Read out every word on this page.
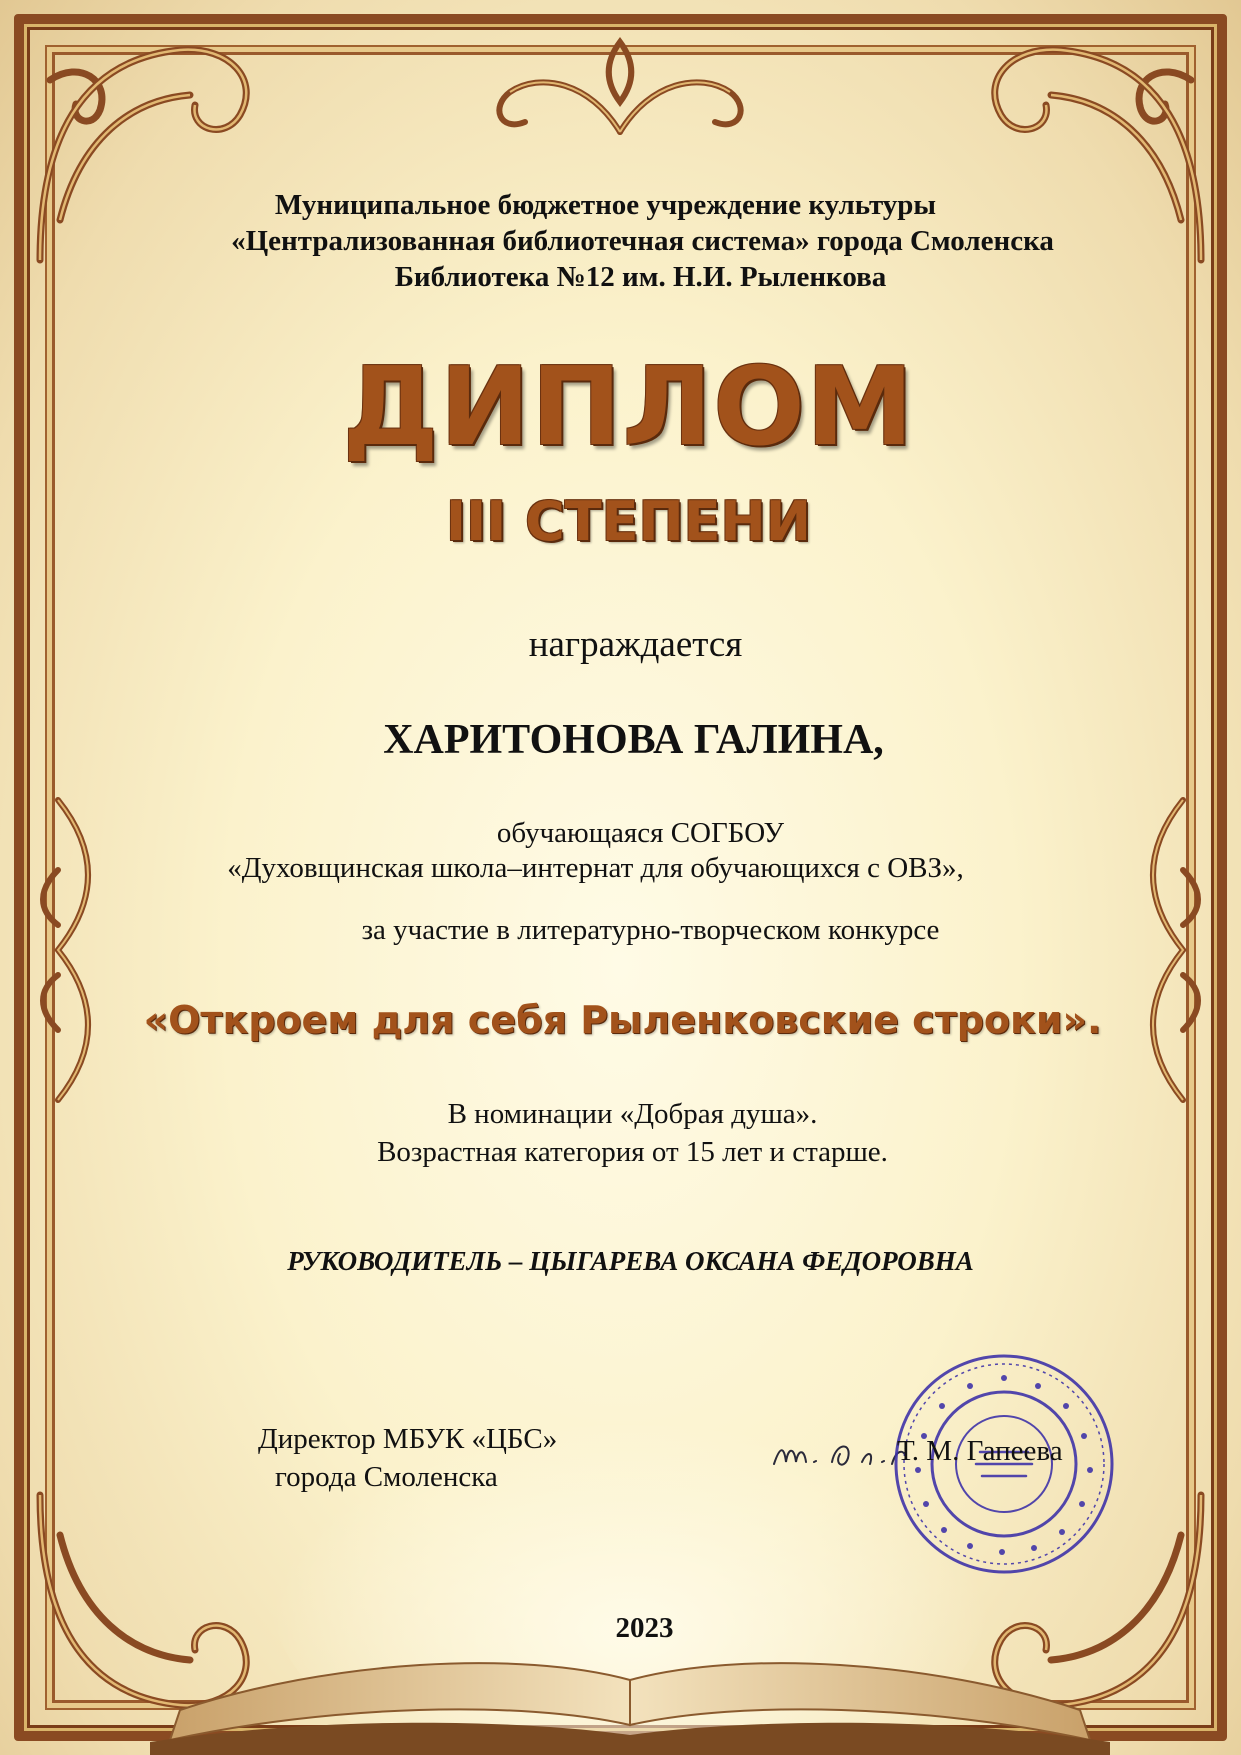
Муниципальное бюджетное учреждение культуры
«Централизованная библиотечная система» города Смоленска
Библиотека №12 им. Н.И. Рыленкова
ДИПЛОМ
III СТЕПЕНИ
награждается
ХАРИТОНОВА ГАЛИНА,
обучающаяся СОГБОУ
«Духовщинская школа–интернат для обучающихся с ОВЗ»,
за участие в литературно-творческом конкурсе
«Откроем для себя Рыленковские строки».
В номинации «Добрая душа».
Возрастная категория от 15 лет и старше.
РУКОВОДИТЕЛЬ – ЦЫГАРЕВА ОКСАНА ФЕДОРОВНА
Директор МБУК «ЦБС»
города Смоленска
Т. М. Гапеева
2023
